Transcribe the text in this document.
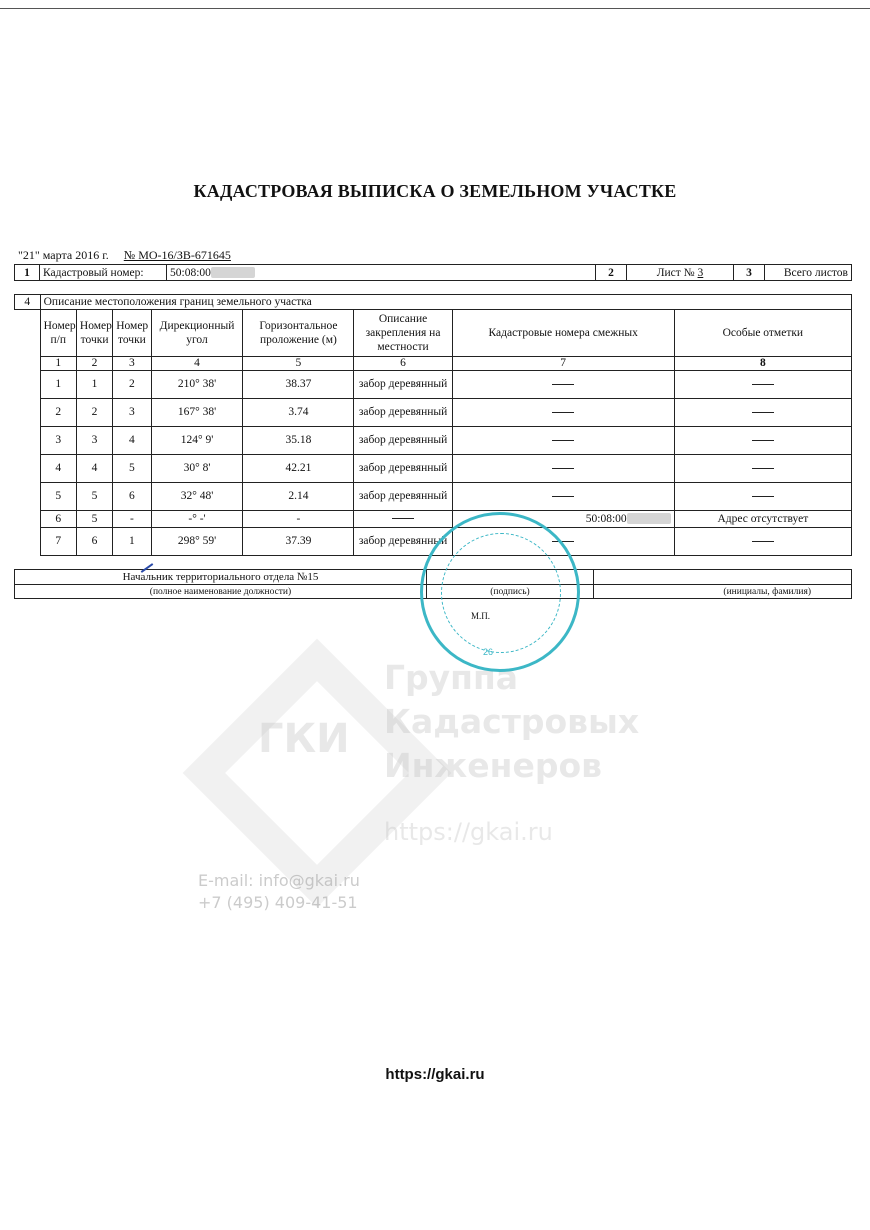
ГКИ
Группа
Кадастровых
Инженеров
https://gkai.ru
E-mail: info@gkai.ru
+7 (495) 409-41-51
КАДАСТРОВАЯ ВЫПИСКА О ЗЕМЕЛЬНОМ УЧАСТКЕ
"21" марта 2016 г. № МО-16/ЗВ-671645
1	Кадастровый номер:	50:08:00	2	Лист № 3	3	Всего листов
4	Описание местоположения границ земельного участка							
	Номер п/п	Номер точки	Номер точки	Дирекционный угол	Горизонтальное проложение (м)	Описание закрепления на местности	Кадастровые номера смежных	Особые отметки
	1	2	3	4	5	6	7	8
	1	1	2	210° 38'	38.37	забор деревянный		
	2	2	3	167° 38'	3.74	забор деревянный		
	3	3	4	124° 9'	35.18	забор деревянный		
	4	4	5	30° 8'	42.21	забор деревянный		
	5	5	6	32° 48'	2.14	забор деревянный		
	6	5	-	-° -'	-		50:08:00	Адрес отсутствует
	7	6	1	298° 59'	37.39	забор деревянный		
Начальник территориального отдела №15		
(полное наименование должности)	(подпись)	(инициалы, фамилия)
М.П.
26
https://gkai.ru
